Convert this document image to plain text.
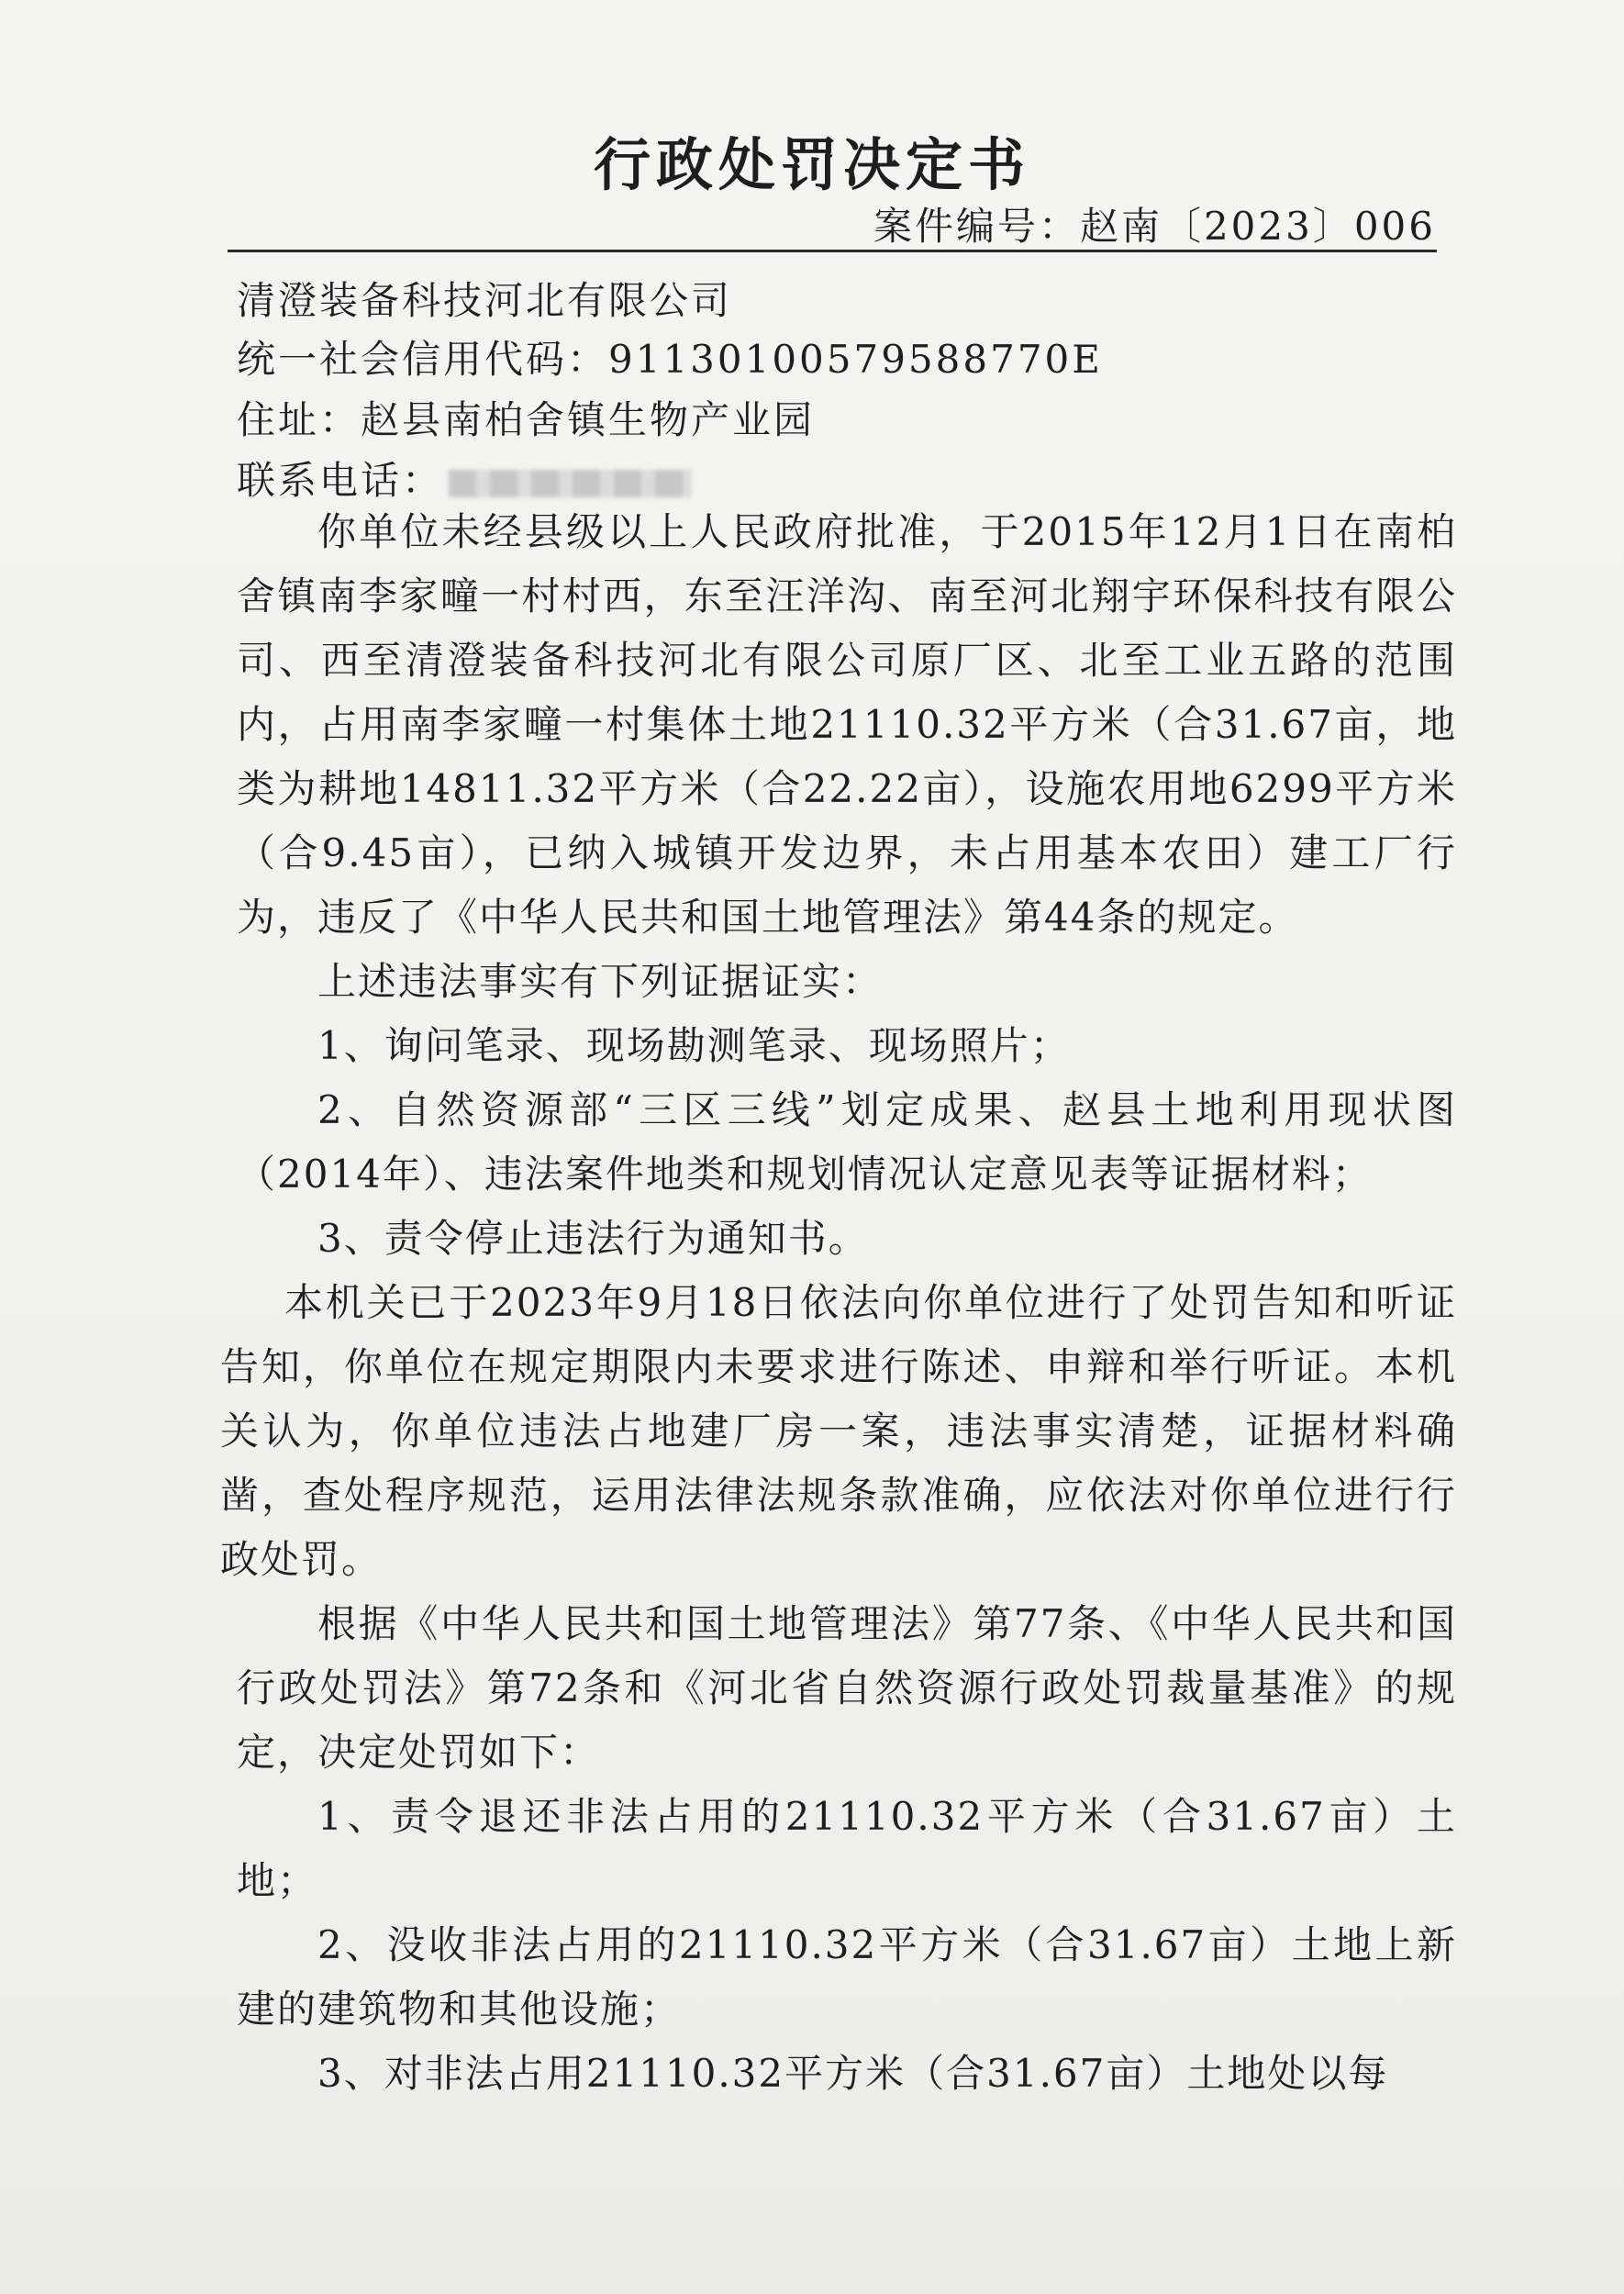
行政处罚决定书
案件编号：赵南〔2023〕006
清澄装备科技河北有限公司
统一社会信用代码：91130100579588770E
住址：赵县南柏舍镇生物产业园
联系电话：

你单位未经县级以上人民政府批准，于2015年12月1日在南柏舍镇南李家疃一村村西，东至汪洋沟、南至河北翔宇环保科技有限公司、西至清澄装备科技河北有限公司原厂区、北至工业五路的范围内，占用南李家疃一村集体土地21110.32平方米（合31.67亩，地类为耕地14811.32平方米（合22.22亩），设施农用地6299平方米（合9.45亩），已纳入城镇开发边界，未占用基本农田）建工厂行为，违反了《中华人民共和国土地管理法》第44条的规定。

上述违法事实有下列证据证实：

1、询问笔录、现场勘测笔录、现场照片；

2、自然资源部“三区三线”划定成果、赵县土地利用现状图（2014年）、违法案件地类和规划情况认定意见表等证据材料；

3、责令停止违法行为通知书。

本机关已于2023年9月18日依法向你单位进行了处罚告知和听证告知，你单位在规定期限内未要求进行陈述、申辩和举行听证。本机关认为，你单位违法占地建厂房一案，违法事实清楚，证据材料确凿，查处程序规范，运用法律法规条款准确，应依法对你单位进行行政处罚。

根据《中华人民共和国土地管理法》第77条、《中华人民共和国行政处罚法》第72条和《河北省自然资源行政处罚裁量基准》的规定，决定处罚如下：

1、责令退还非法占用的21110.32平方米（合31.67亩）土地；

2、没收非法占用的21110.32平方米（合31.67亩）土地上新建的建筑物和其他设施；

3、对非法占用21110.32平方米（合31.67亩）土地处以每
